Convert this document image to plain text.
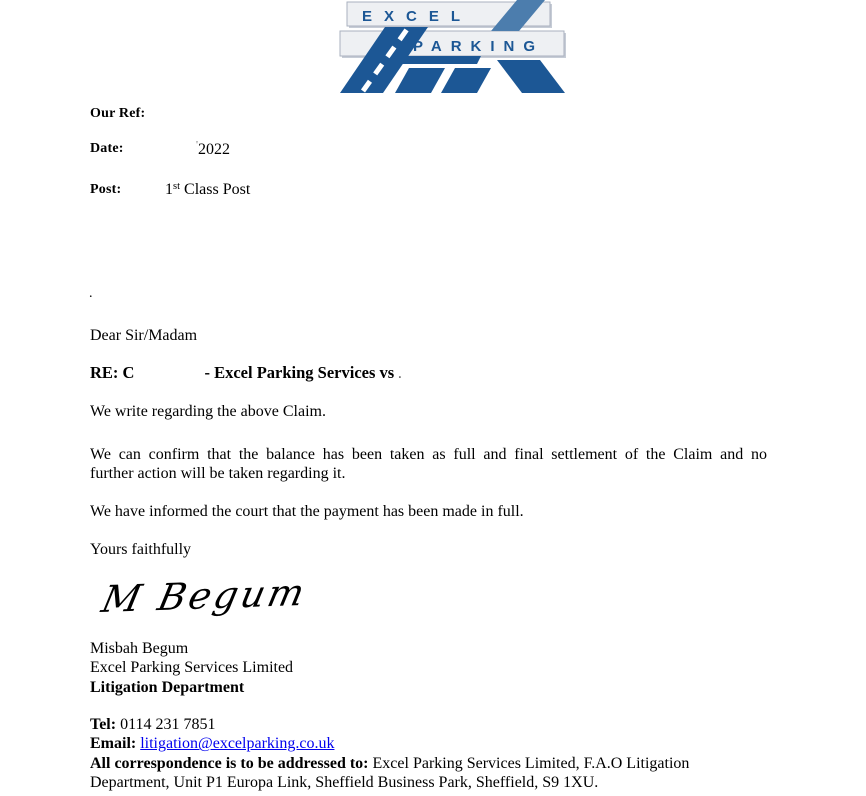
EXCEL
PARKING
Our Ref:
Date:	'2022
Post:	1st Class Post
.
Dear Sir/Madam
RE: C	- Excel Parking Services vs .
We write regarding the above Claim.
We can confirm that the balance has been taken as full and final settlement of the Claim and no
further action will be taken regarding it.
We have informed the court that the payment has been made in full.
Yours faithfully
M Begum
Misbah Begum
Excel Parking Services Limited
Litigation Department
Tel: 0114 231 7851
Email: litigation@excelparking.co.uk
All correspondence is to be addressed to: Excel Parking Services Limited, F.A.O Litigation Department, Unit P1 Europa Link, Sheffield Business Park, Sheffield, S9 1XU.
